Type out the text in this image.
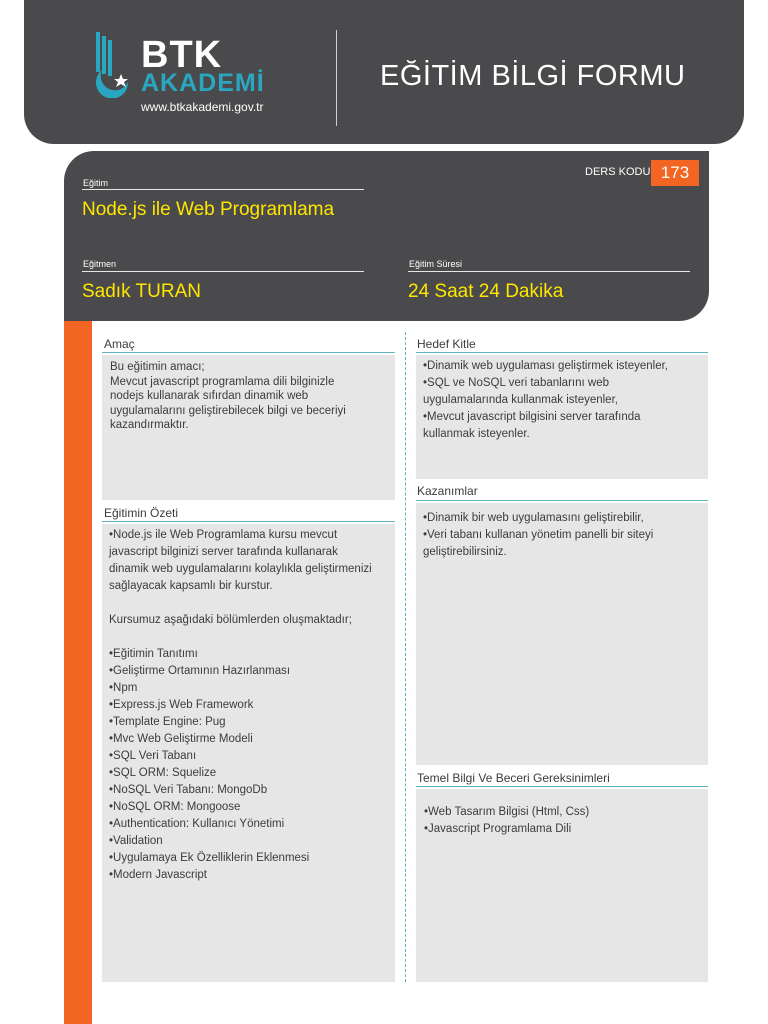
BTK
AKADEMİ
www.btkakademi.gov.tr
EĞİTİM BİLGİ FORMU
DERS KODU 173
Eğitim
Node.js ile Web Programlama
Eğitmen
Sadık TURAN
Eğitim Süresi
24 Saat 24 Dakika
Amaç
Bu eğitimin amacı;
Mevcut javascript programlama dili bilginizle
nodejs kullanarak sıfırdan dinamik web
uygulamalarını geliştirebilecek bilgi ve beceriyi
kazandırmaktır.
Eğitimin Özeti
•Node.js ile Web Programlama kursu mevcut
javascript bilginizi server tarafında kullanarak
dinamik web uygulamalarını kolaylıkla geliştirmenizi
sağlayacak kapsamlı bir kurstur.

Kursumuz aşağıdaki bölümlerden oluşmaktadır;

•Eğitimin Tanıtımı
•Geliştirme Ortamının Hazırlanması
•Npm
•Express.js Web Framework
•Template Engine: Pug
•Mvc Web Geliştirme Modeli
•SQL Veri Tabanı
•SQL ORM: Squelize
•NoSQL Veri Tabanı: MongoDb
•NoSQL ORM: Mongoose
•Authentication: Kullanıcı Yönetimi
•Validation
•Uygulamaya Ek Özelliklerin Eklenmesi
•Modern Javascript
Hedef Kitle
•Dinamik web uygulaması geliştirmek isteyenler,
•SQL ve NoSQL veri tabanlarını web
uygulamalarında kullanmak isteyenler,
•Mevcut javascript bilgisini server tarafında
kullanmak isteyenler.
Kazanımlar
•Dinamik bir web uygulamasını geliştirebilir,
•Veri tabanı kullanan yönetim panelli bir siteyi
geliştirebilirsiniz.
Temel Bilgi Ve Beceri Gereksinimleri
•Web Tasarım Bilgisi (Html, Css)
•Javascript Programlama Dili
